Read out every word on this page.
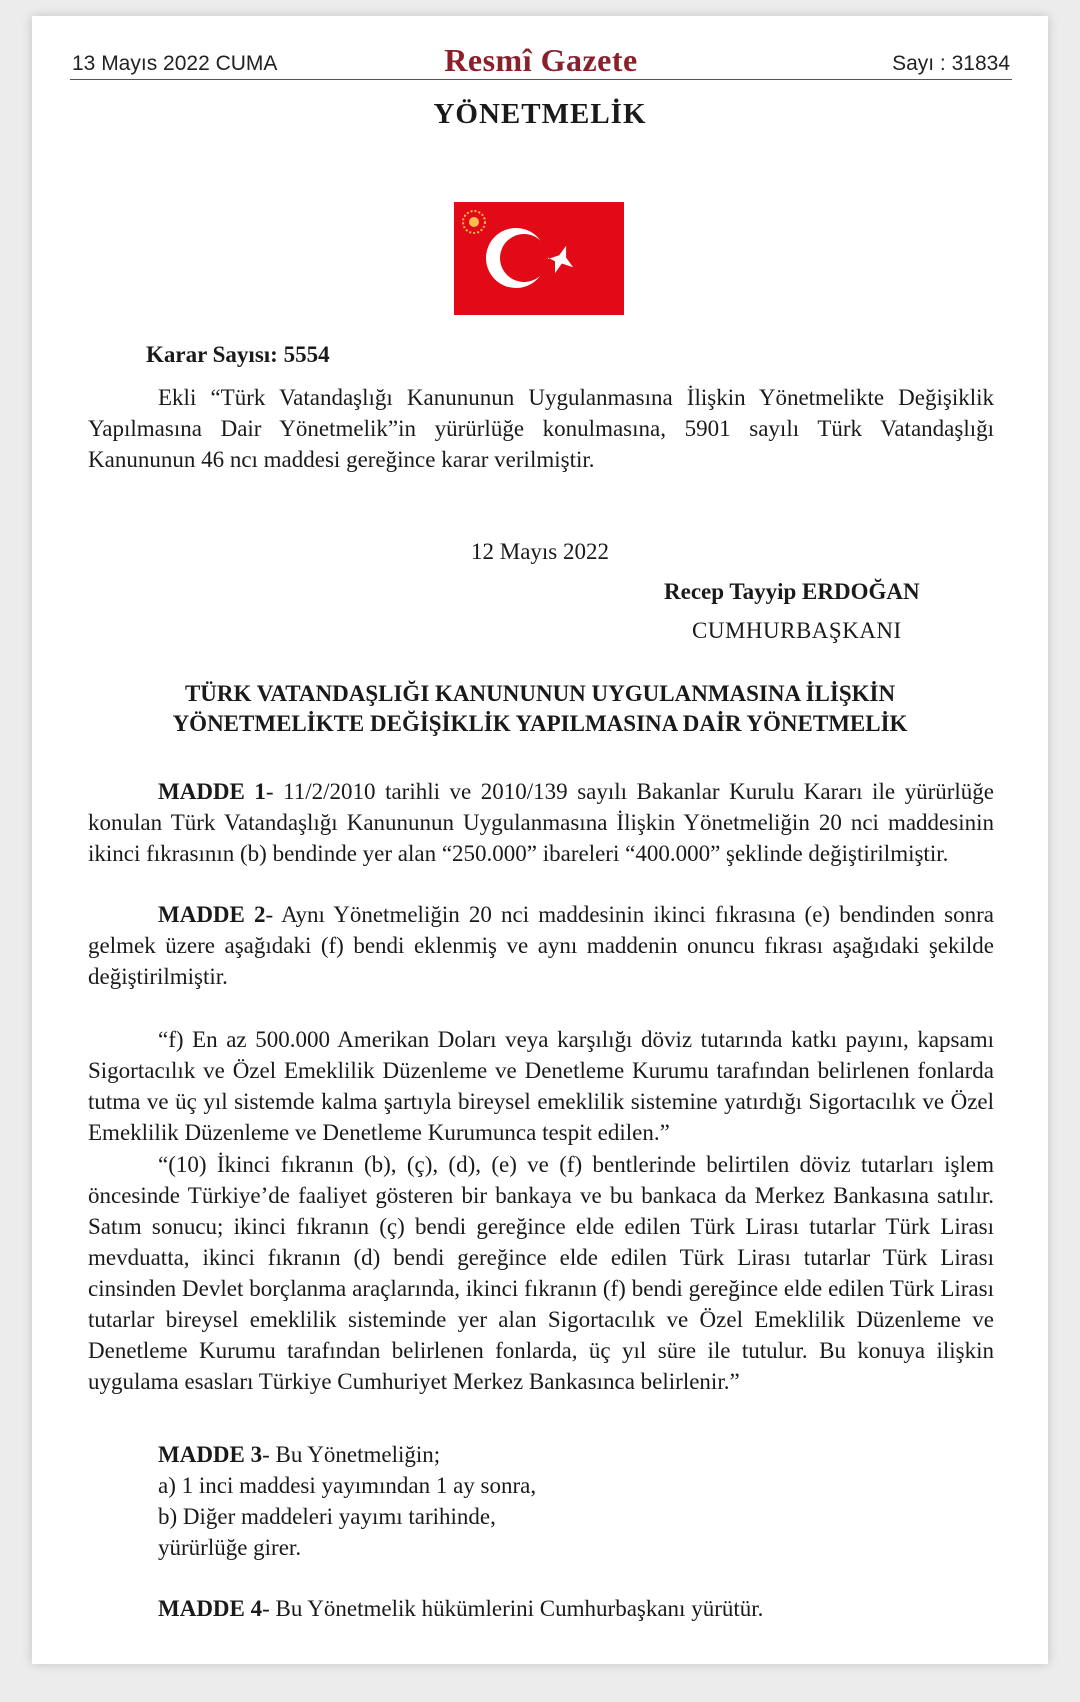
13 Mayıs 2022 CUMA	Resmî Gazete	Sayı : 31834
YÖNETMELİK
Karar Sayısı: 5554
Ekli “Türk Vatandaşlığı Kanununun Uygulanmasına İlişkin Yönetmelikte Değişiklik Yapılmasına Dair Yönetmelik”in yürürlüğe konulmasına, 5901 sayılı Türk Vatandaşlığı Kanununun 46 ncı maddesi gereğince karar verilmiştir.
12 Mayıs 2022
Recep Tayyip ERDOĞAN
CUMHURBAŞKANI
TÜRK VATANDAŞLIĞI KANUNUNUN UYGULANMASINA İLİŞKİN
YÖNETMELİKTE DEĞİŞİKLİK YAPILMASINA DAİR YÖNETMELİK
MADDE 1- 11/2/2010 tarihli ve 2010/139 sayılı Bakanlar Kurulu Kararı ile yürürlüğe konulan Türk Vatandaşlığı Kanununun Uygulanmasına İlişkin Yönetmeliğin 20 nci maddesinin ikinci fıkrasının (b) bendinde yer alan “250.000” ibareleri “400.000” şeklinde değiştirilmiştir.
MADDE 2- Aynı Yönetmeliğin 20 nci maddesinin ikinci fıkrasına (e) bendinden sonra gelmek üzere aşağıdaki (f) bendi eklenmiş ve aynı maddenin onuncu fıkrası aşağıdaki şekilde değiştirilmiştir.
“f) En az 500.000 Amerikan Doları veya karşılığı döviz tutarında katkı payını, kapsamı Sigortacılık ve Özel Emeklilik Düzenleme ve Denetleme Kurumu tarafından belirlenen fonlarda tutma ve üç yıl sistemde kalma şartıyla bireysel emeklilik sistemine yatırdığı Sigortacılık ve Özel Emeklilik Düzenleme ve Denetleme Kurumunca tespit edilen.”
“(10) İkinci fıkranın (b), (ç), (d), (e) ve (f) bentlerinde belirtilen döviz tutarları işlem öncesinde Türkiye’de faaliyet gösteren bir bankaya ve bu bankaca da Merkez Bankasına satılır. Satım sonucu; ikinci fıkranın (ç) bendi gereğince elde edilen Türk Lirası tutarlar Türk Lirası mevduatta, ikinci fıkranın (d) bendi gereğince elde edilen Türk Lirası tutarlar Türk Lirası cinsinden Devlet borçlanma araçlarında, ikinci fıkranın (f) bendi gereğince elde edilen Türk Lirası tutarlar bireysel emeklilik sisteminde yer alan Sigortacılık ve Özel Emeklilik Düzenleme ve Denetleme Kurumu tarafından belirlenen fonlarda, üç yıl süre ile tutulur. Bu konuya ilişkin uygulama esasları Türkiye Cumhuriyet Merkez Bankasınca belirlenir.”
MADDE 3- Bu Yönetmeliğin;
a) 1 inci maddesi yayımından 1 ay sonra,
b) Diğer maddeleri yayımı tarihinde,
yürürlüğe girer.
MADDE 4- Bu Yönetmelik hükümlerini Cumhurbaşkanı yürütür.
